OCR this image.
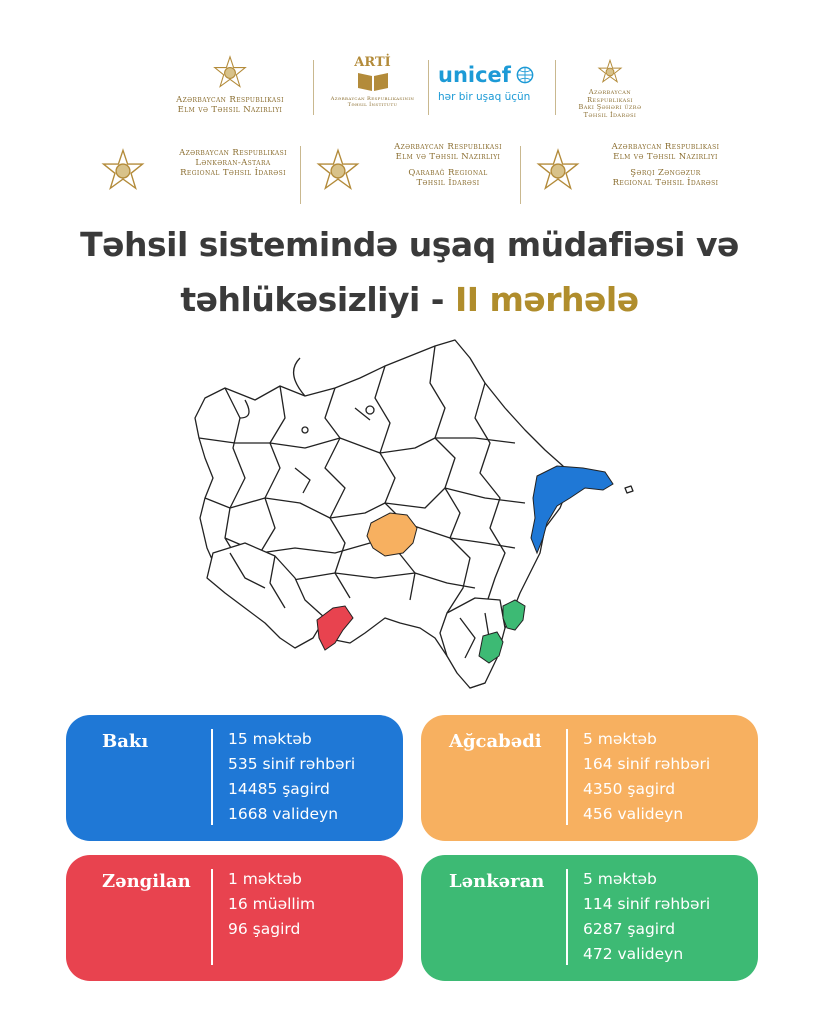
Azərbaycan Respublikası
Elm və Təhsil Nazirliyi
ARTİ
Azərbaycan Respublikasının
Təhsil İnstitutu
unicef
hər bir uşaq üçün	Azərbaycan Respublikası
Bakı Şəhəri üzrə
Təhsil İdarəsi
Azərbaycan Respublikası
Lənkəran-Astara
Regional Təhsil İdarəsi
Azərbaycan Respublikası
Elm və Təhsil Nazirliyi
Qarabağ Regional
Təhsil İdarəsi
Azərbaycan Respublikası
Elm və Təhsil Nazirliyi
Şərqi Zəngəzur
Regional Təhsil İdarəsi
Təhsil sistemində uşaq müdafiəsi və
təhlükəsizliyi - II mərhələ
Bakı	15 məktəb
535 sinif rəhbəri
14485 şagird
1668 valideyn
Ağcabədi	5 məktəb
164 sinif rəhbəri
4350 şagird
456 valideyn
Zəngilan 1 məktəb
16 müəllim
96 şagird
Lənkəran 5 məktəb
114 sinif rəhbəri
6287 şagird
472 valideyn
